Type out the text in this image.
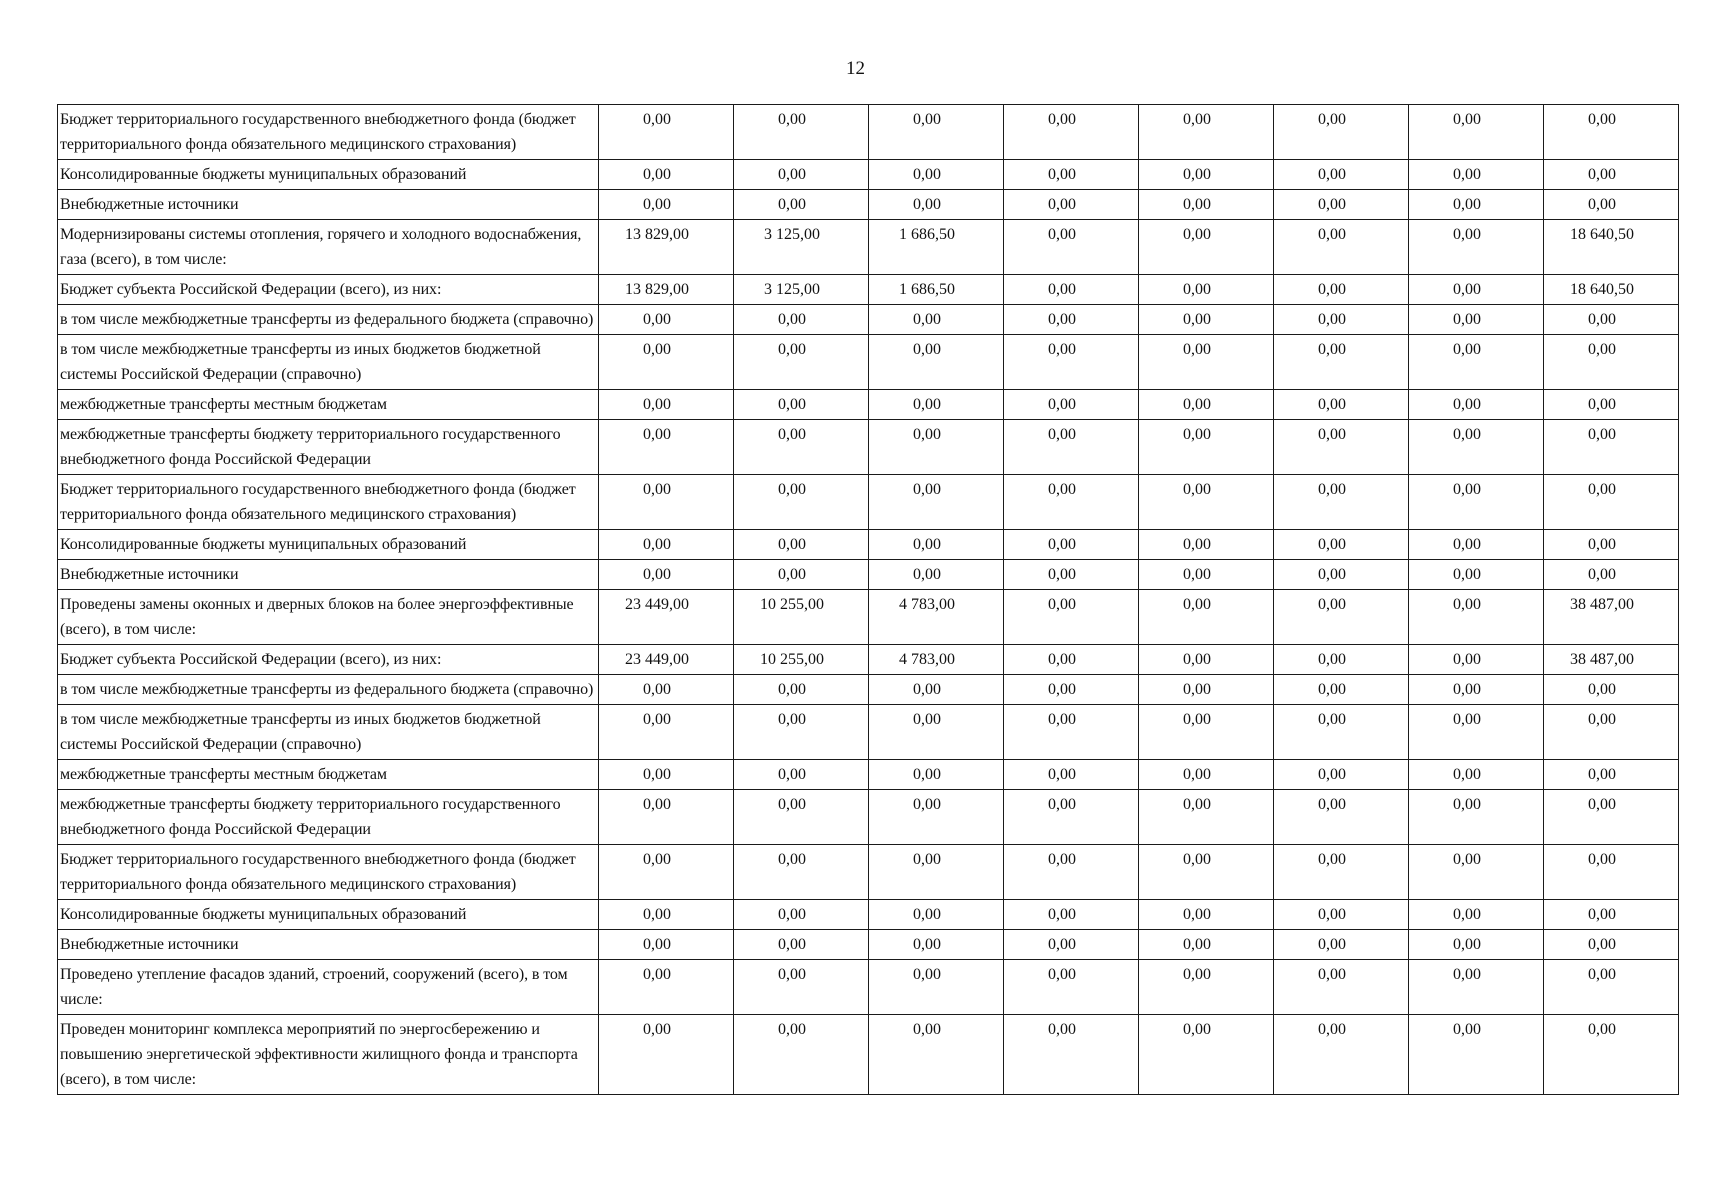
12
Бюджет территориального государственного внебюджетного фонда (бюджет территориального фонда обязательного медицинского страхования)	0,00	0,00	0,00	0,00	0,00	0,00	0,00	0,00
Консолидированные бюджеты муниципальных образований	0,00	0,00	0,00	0,00	0,00	0,00	0,00	0,00
Внебюджетные источники	0,00	0,00	0,00	0,00	0,00	0,00	0,00	0,00
Модернизированы системы отопления, горячего и холодного водоснабжения, газа (всего), в том числе:	13 829,00	3 125,00	1 686,50	0,00	0,00	0,00	0,00	18 640,50
Бюджет субъекта Российской Федерации (всего), из них:	13 829,00	3 125,00	1 686,50	0,00	0,00	0,00	0,00	18 640,50
в том числе межбюджетные трансферты из федерального бюджета (справочно)	0,00	0,00	0,00	0,00	0,00	0,00	0,00	0,00
в том числе межбюджетные трансферты из иных бюджетов бюджетной системы Российской Федерации (справочно)	0,00	0,00	0,00	0,00	0,00	0,00	0,00	0,00
межбюджетные трансферты местным бюджетам	0,00	0,00	0,00	0,00	0,00	0,00	0,00	0,00
межбюджетные трансферты бюджету территориального государственного внебюджетного фонда Российской Федерации	0,00	0,00	0,00	0,00	0,00	0,00	0,00	0,00
Бюджет территориального государственного внебюджетного фонда (бюджет территориального фонда обязательного медицинского страхования)	0,00	0,00	0,00	0,00	0,00	0,00	0,00	0,00
Консолидированные бюджеты муниципальных образований	0,00	0,00	0,00	0,00	0,00	0,00	0,00	0,00
Внебюджетные источники	0,00	0,00	0,00	0,00	0,00	0,00	0,00	0,00
Проведены замены оконных и дверных блоков на более энергоэффективные (всего), в том числе:	23 449,00	10 255,00	4 783,00	0,00	0,00	0,00	0,00	38 487,00
Бюджет субъекта Российской Федерации (всего), из них:	23 449,00	10 255,00	4 783,00	0,00	0,00	0,00	0,00	38 487,00
в том числе межбюджетные трансферты из федерального бюджета (справочно)	0,00	0,00	0,00	0,00	0,00	0,00	0,00	0,00
в том числе межбюджетные трансферты из иных бюджетов бюджетной системы Российской Федерации (справочно)	0,00	0,00	0,00	0,00	0,00	0,00	0,00	0,00
межбюджетные трансферты местным бюджетам	0,00	0,00	0,00	0,00	0,00	0,00	0,00	0,00
межбюджетные трансферты бюджету территориального государственного внебюджетного фонда Российской Федерации	0,00	0,00	0,00	0,00	0,00	0,00	0,00	0,00
Бюджет территориального государственного внебюджетного фонда (бюджет территориального фонда обязательного медицинского страхования)	0,00	0,00	0,00	0,00	0,00	0,00	0,00	0,00
Консолидированные бюджеты муниципальных образований	0,00	0,00	0,00	0,00	0,00	0,00	0,00	0,00
Внебюджетные источники	0,00	0,00	0,00	0,00	0,00	0,00	0,00	0,00
Проведено утепление фасадов зданий, строений, сооружений (всего), в том числе:	0,00	0,00	0,00	0,00	0,00	0,00	0,00	0,00
Проведен мониторинг комплекса мероприятий по энергосбережению и повышению энергетической эффективности жилищного фонда и транспорта (всего), в том числе:	0,00	0,00	0,00	0,00	0,00	0,00	0,00	0,00
